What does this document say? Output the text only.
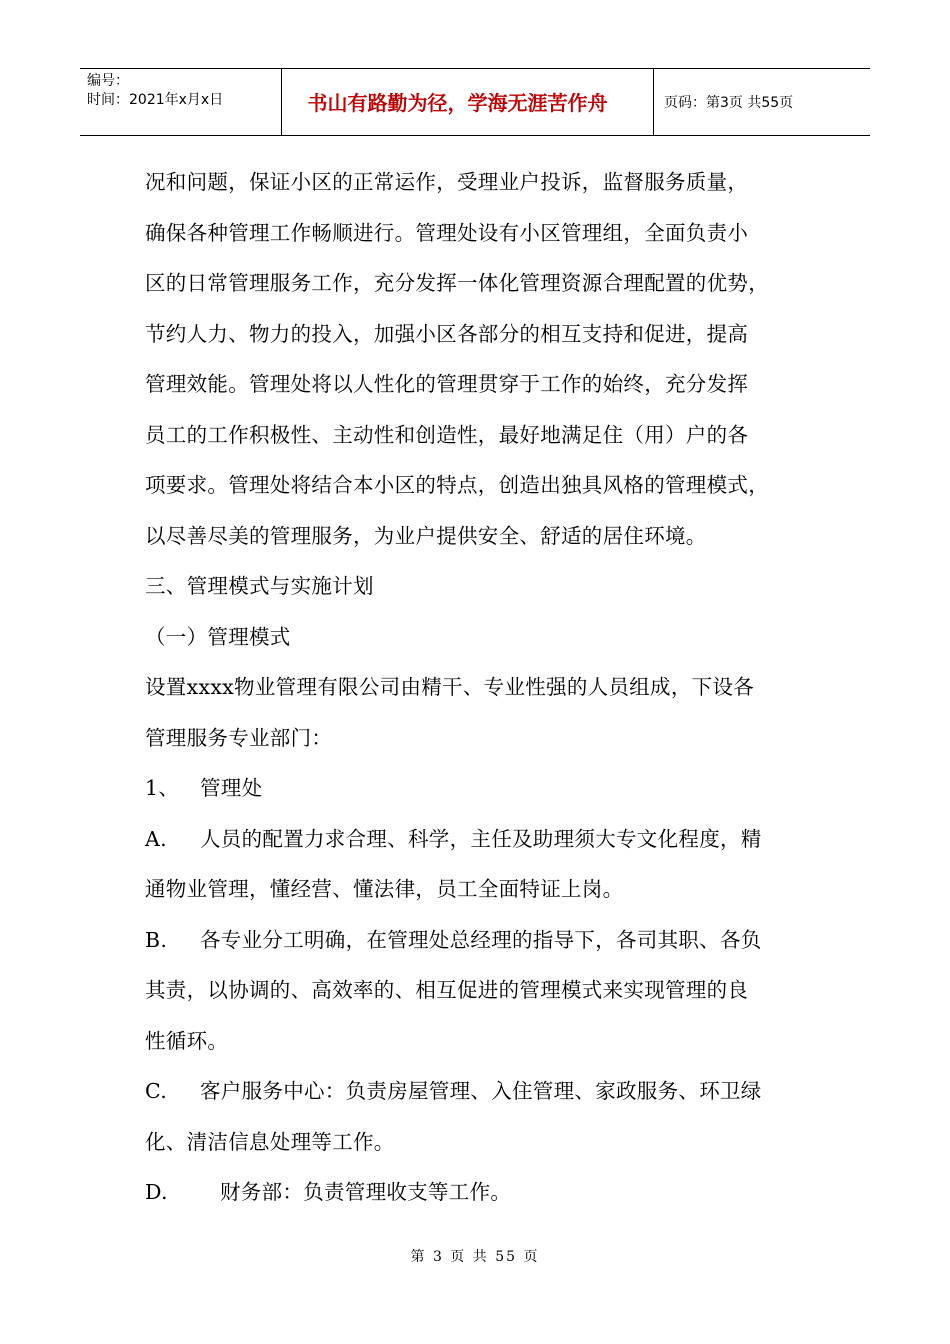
编号：
时间：2021年x月x日	书山有路勤为径，学海无涯苦作舟	页码：第3页 共55页

况和问题，保证小区的正常运作，受理业户投诉，监督服务质量，

确保各种管理工作畅顺进行。管理处设有小区管理组，全面负责小

区的日常管理服务工作，充分发挥一体化管理资源合理配置的优势，

节约人力、物力的投入，加强小区各部分的相互支持和促进，提高

管理效能。管理处将以人性化的管理贯穿于工作的始终，充分发挥

员工的工作积极性、主动性和创造性，最好地满足住（用）户的各

项要求。管理处将结合本小区的特点，创造出独具风格的管理模式，

以尽善尽美的管理服务，为业户提供安全、舒适的居住环境。

三、管理模式与实施计划

（一）管理模式

设置xxxx物业管理有限公司由精干、专业性强的人员组成，下设各

管理服务专业部门：

1、 管理处

A. 人员的配置力求合理、科学，主任及助理须大专文化程度，精

通物业管理，懂经营、懂法律，员工全面特证上岗。

B. 各专业分工明确，在管理处总经理的指导下，各司其职、各负

其责，以协调的、高效率的、相互促进的管理模式来实现管理的良

性循环。

C. 客户服务中心：负责房屋管理、入住管理、家政服务、环卫绿

化、清洁信息处理等工作。

D.	财务部：负责管理收支等工作。

第 3 页 共 55 页
